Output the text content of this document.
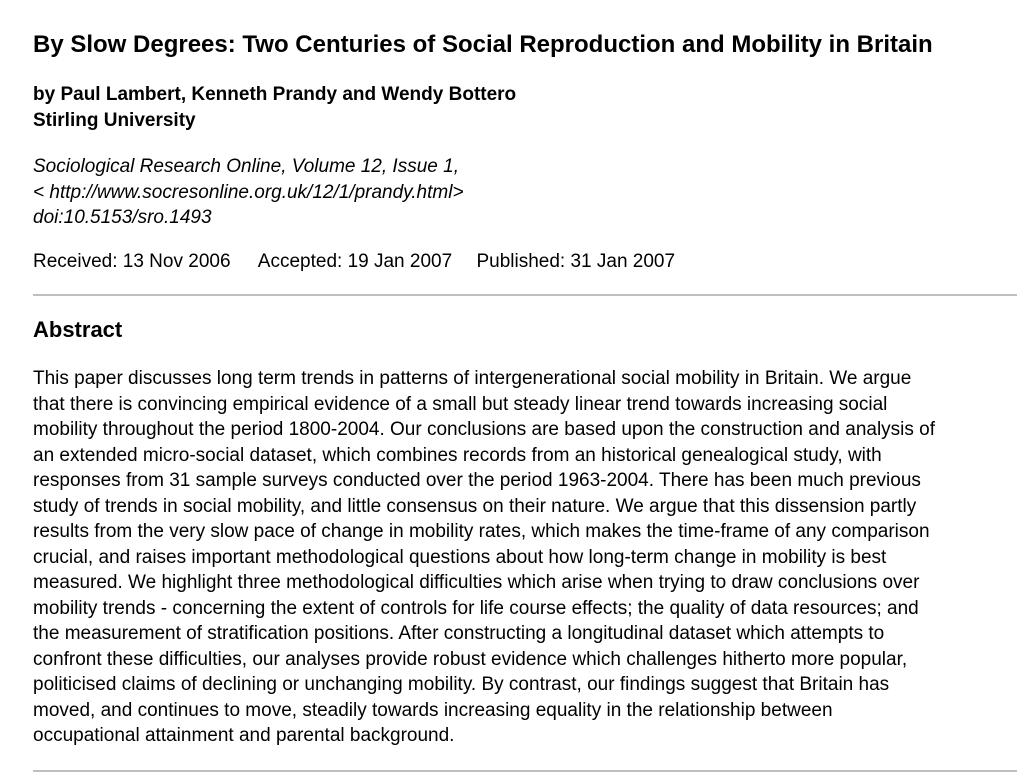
By Slow Degrees: Two Centuries of Social Reproduction and Mobility in Britain
by Paul Lambert, Kenneth Prandy and Wendy Bottero
Stirling University
Sociological Research Online, Volume 12, Issue 1,
< http://www.socresonline.org.uk/12/1/prandy.html>
doi:10.5153/sro.1493
Received: 13 Nov 2006 Accepted: 19 Jan 2007 Published: 31 Jan 2007
Abstract
This paper discusses long term trends in patterns of intergenerational social mobility in Britain. We argue
that there is convincing empirical evidence of a small but steady linear trend towards increasing social
mobility throughout the period 1800-2004. Our conclusions are based upon the construction and analysis of
an extended micro-social dataset, which combines records from an historical genealogical study, with
responses from 31 sample surveys conducted over the period 1963-2004. There has been much previous
study of trends in social mobility, and little consensus on their nature. We argue that this dissension partly
results from the very slow pace of change in mobility rates, which makes the time-frame of any comparison
crucial, and raises important methodological questions about how long-term change in mobility is best
measured. We highlight three methodological difficulties which arise when trying to draw conclusions over
mobility trends - concerning the extent of controls for life course effects; the quality of data resources; and
the measurement of stratification positions. After constructing a longitudinal dataset which attempts to
confront these difficulties, our analyses provide robust evidence which challenges hitherto more popular,
politicised claims of declining or unchanging mobility. By contrast, our findings suggest that Britain has
moved, and continues to move, steadily towards increasing equality in the relationship between
occupational attainment and parental background.
